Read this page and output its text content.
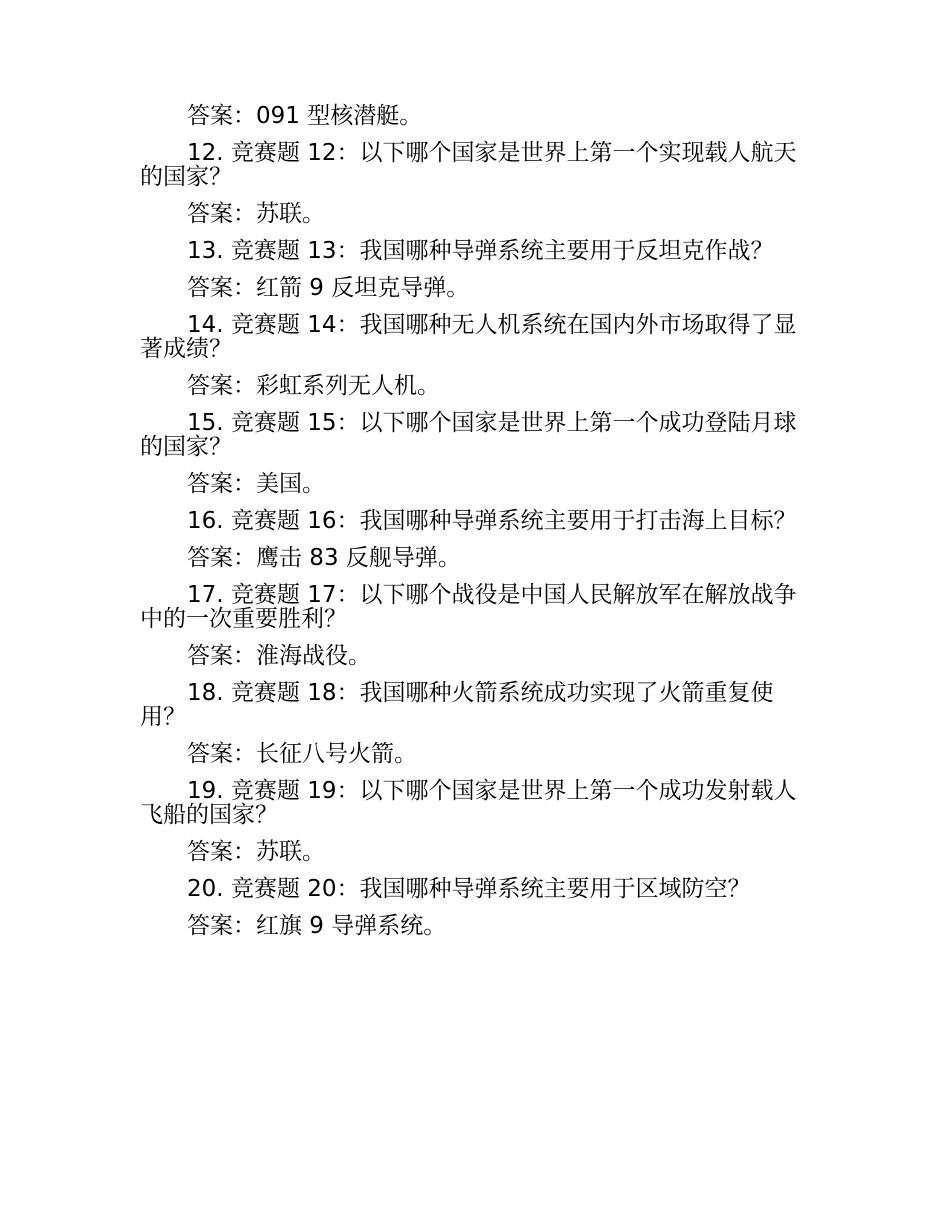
答案：091 型核潜艇。

12. 竞赛题 12：以下哪个国家是世界上第一个实现载人航天的国家？

答案：苏联。

13. 竞赛题 13：我国哪种导弹系统主要用于反坦克作战？

答案：红箭 9 反坦克导弹。

14. 竞赛题 14：我国哪种无人机系统在国内外市场取得了显著成绩？

答案：彩虹系列无人机。

15. 竞赛题 15：以下哪个国家是世界上第一个成功登陆月球的国家？

答案：美国。

16. 竞赛题 16：我国哪种导弹系统主要用于打击海上目标？

答案：鹰击 83 反舰导弹。

17. 竞赛题 17：以下哪个战役是中国人民解放军在解放战争中的一次重要胜利？

答案：淮海战役。

18. 竞赛题 18：我国哪种火箭系统成功实现了火箭重复使用？

答案：长征八号火箭。

19. 竞赛题 19：以下哪个国家是世界上第一个成功发射载人飞船的国家？

答案：苏联。

20. 竞赛题 20：我国哪种导弹系统主要用于区域防空？

答案：红旗 9 导弹系统。
